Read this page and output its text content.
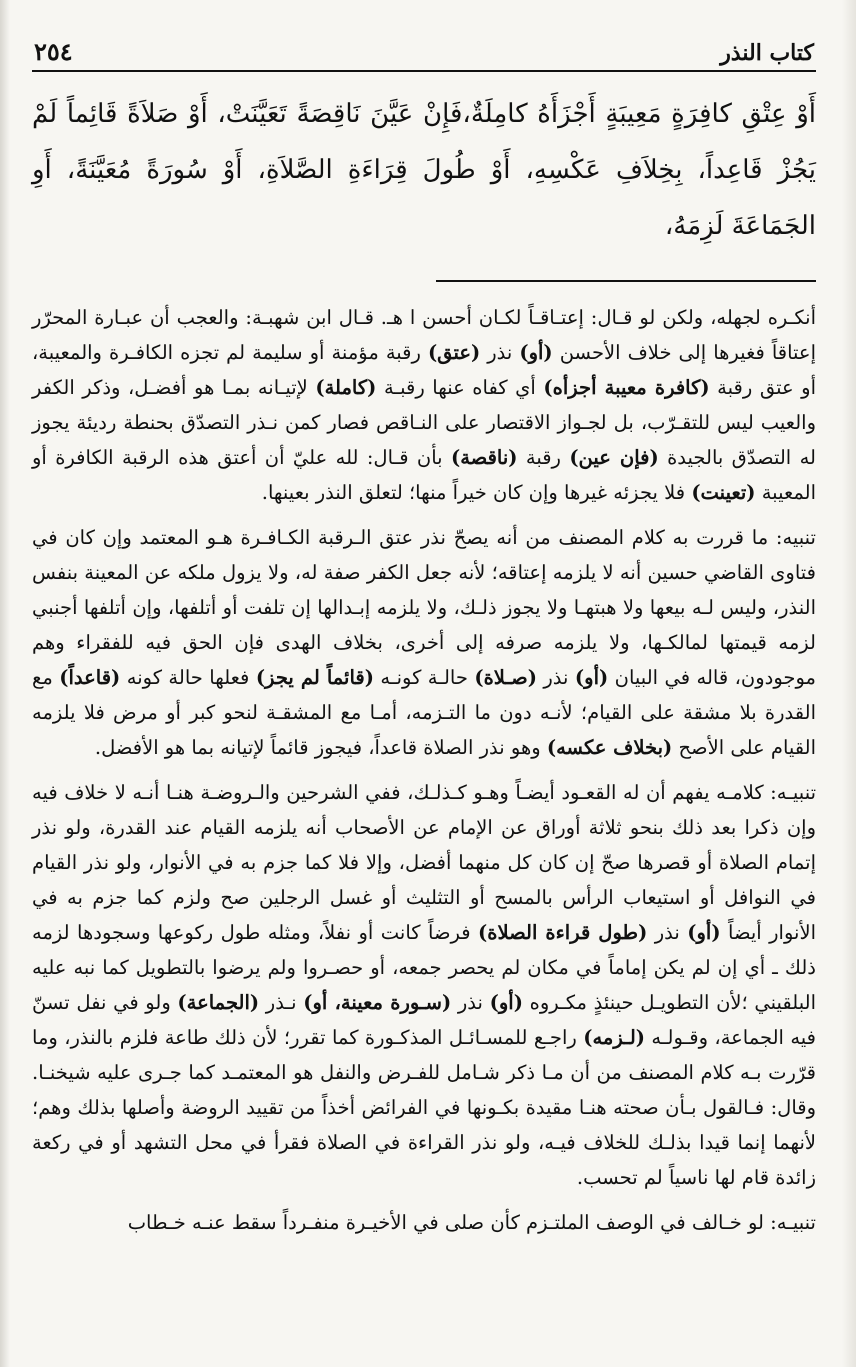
كتاب النذر
٢٥٤
أَوْ عِتْقِ كافِرَةٍ مَعِيبَةٍ أَجْزَأَهُ كامِلَةٌ،فَإِنْ عَيَّنَ نَاقِصَةً تَعَيَّنَتْ، أَوْ صَلاَةً قَائِماً لَمْ يَجُزْ قَاعِداً، بِخِلاَفِ عَكْسِهِ، أَوْ طُولَ قِرَاءَةِ الصَّلاَةِ، أَوْ سُورَةً مُعَيَّنَةً، أَوِ الجَمَاعَةَ لَزِمَهُ،

أنكـره لجهله، ولكن لو قـال: إعتـاقـاً لكـان أحسن ا هـ. قـال ابن شهبـة: والعجب أن عبـارة المحرّر إعتاقاً فغيرها إلى خلاف الأحسن (أو) نذر (عتق) رقبة مؤمنة أو سليمة لم تجزه الكافـرة والمعيبة، أو عتق رقبة (كافرة معيبة أجزأه) أي كفاه عنها رقبـة (كاملة) لإتيـانه بمـا هو أفضـل، وذكر الكفر والعيب ليس للتقـرّب، بل لجـواز الاقتصار على النـاقص فصار كمن نـذر التصدّق بحنطة رديئة يجوز له التصدّق بالجيدة (فإن عين) رقبة (ناقصة) بأن قـال: لله عليّ أن أعتق هذه الرقبة الكافرة أو المعيبة (تعينت) فلا يجزئه غيرها وإن كان خيراً منها؛ لتعلق النذر بعينها.

تنبيه: ما قررت به كلام المصنف من أنه يصحّ نذر عتق الـرقبة الكـافـرة هـو المعتمد وإن كان في فتاوى القاضي حسين أنه لا يلزمه إعتاقه؛ لأنه جعل الكفر صفة له، ولا يزول ملكه عن المعينة بنفس النذر، وليس لـه بيعها ولا هبتهـا ولا يجوز ذلـك، ولا يلزمه إبـدالها إن تلفت أو أتلفها، وإن أتلفها أجنبي لزمه قيمتها لمالكـها، ولا يلزمه صرفه إلى أخرى، بخلاف الهدى فإن الحق فيه للفقراء وهم موجودون، قاله في البيان (أو) نذر (صـلاة) حالـة كونـه (قائماً لم يجز) فعلها حالة كونه (قاعداً) مع القدرة بلا مشقة على القيام؛ لأنـه دون ما التـزمه، أمـا مع المشقـة لنحو كبر أو مرض فلا يلزمه القيام على الأصح (بخلاف عكسه) وهو نذر الصلاة قاعداً، فيجوز قائماً لإتيانه بما هو الأفضل.

تنبيـه: كلامـه يفهم أن له القعـود أيضـاً وهـو كـذلـك، ففي الشرحين والـروضـة هنـا أنـه لا خلاف فيه وإن ذكرا بعد ذلك بنحو ثلاثة أوراق عن الإمام عن الأصحاب أنه يلزمه القيام عند القدرة، ولو نذر إتمام الصلاة أو قصرها صحّ إن كان كل منهما أفضل، وإلا فلا كما جزم به في الأنوار، ولو نذر القيام في النوافل أو استيعاب الرأس بالمسح أو التثليث أو غسل الرجلين صح ولزم كما جزم به في الأنوار أيضاً (أو) نذر (طول قراءة الصلاة) فرضاً كانت أو نفلاً، ومثله طول ركوعها وسجودها لزمه ذلك ـ أي إن لم يكن إماماً في مكان لم يحصر جمعه، أو حصـروا ولم يرضوا بالتطويل كما نبه عليه البلقيني ؛لأن التطويـل حينئذٍ مكـروه (أو) نذر (سـورة معينة، أو) نـذر (الجماعة) ولو في نفل تسنّ فيه الجماعة، وقـولـه (لـزمه) راجـع للمسـائـل المذكـورة كما تقرر؛ لأن ذلك طاعة فلزم بالنذر، وما قرّرت بـه كلام المصنف من أن مـا ذكر شـامل للفـرض والنفل هو المعتمـد كما جـرى عليه شيخنـا. وقال: فـالقول بـأن صحته هنـا مقيدة بكـونها في الفرائض أخذاً من تقييد الروضة وأصلها بذلك وهم؛ لأنهما إنما قيدا بذلـك للخلاف فيـه، ولو نذر القراءة في الصلاة فقرأ في محل التشهد أو في ركعة زائدة قام لها ناسياً لم تحسب.

تنبيـه: لو خـالف في الوصف الملتـزم كأن صلى في الأخيـرة منفـرداً سقط عنـه خـطاب
